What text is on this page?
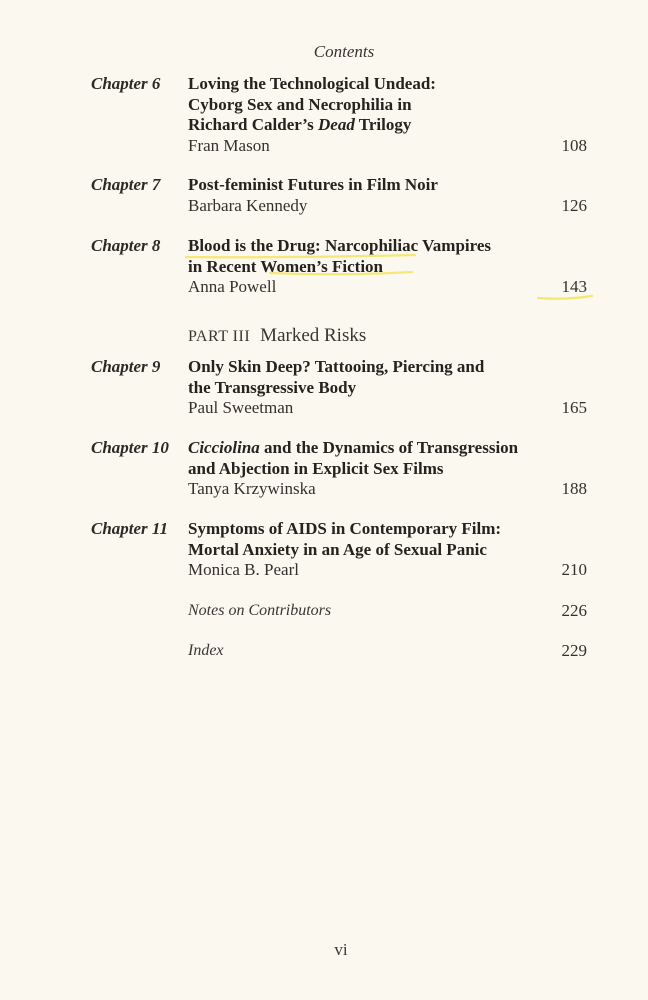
Contents
Chapter 6 Loving the Technological Undead:
Cyborg Sex and Necrophilia in
Richard Calder’s Dead Trilogy
Fran Mason	108
Chapter 7 Post-feminist Futures in Film Noir
Barbara Kennedy	126
Chapter 8 Blood is the Drug: Narcophiliac Vampires
in Recent Women’s Fiction
Anna Powell	143
PART III Marked Risks
Chapter 9 Only Skin Deep? Tattooing, Piercing and
the Transgressive Body
Paul Sweetman	165
Chapter 10 Cicciolina and the Dynamics of Transgression
and Abjection in Explicit Sex Films
Tanya Krzywinska	188
Chapter 11 Symptoms of AIDS in Contemporary Film:
Mortal Anxiety in an Age of Sexual Panic
Monica B. Pearl	210
Notes on Contributors	226
Index	229
vi
